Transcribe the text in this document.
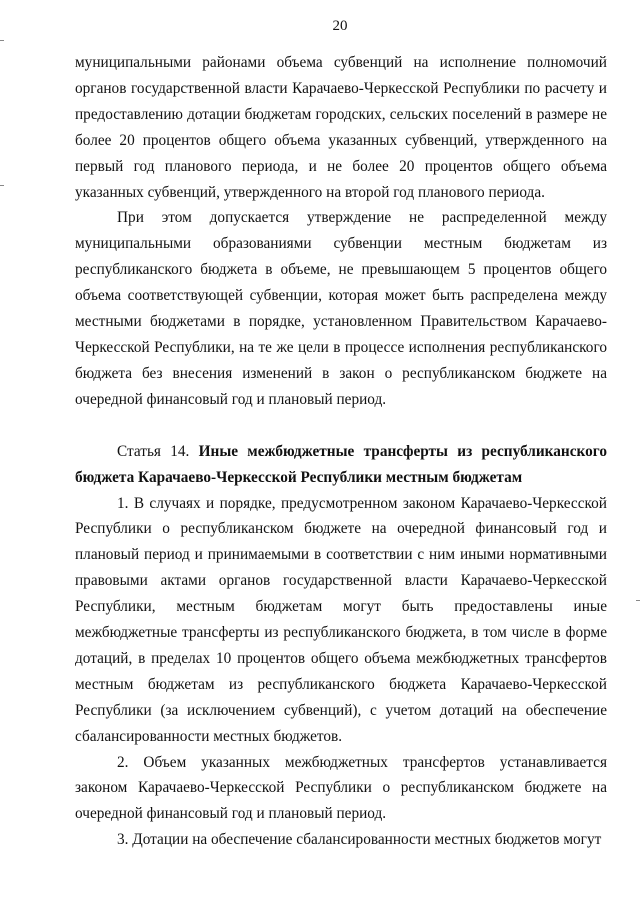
20

муниципальными районами объема субвенций на исполнение полномочий органов государственной власти Карачаево-Черкесской Республики по расчету и предоставлению дотации бюджетам городских, сельских поселений в размере не более 20 процентов общего объема указанных субвенций, утвержденного на первый год планового периода, и не более 20 процентов общего объема указанных субвенций, утвержденного на второй год планового периода.

При этом допускается утверждение не распределенной между муниципальными образованиями субвенции местным бюджетам из республиканского бюджета в объеме, не превышающем 5 процентов общего объема соответствующей субвенции, которая может быть распределена между местными бюджетами в порядке, установленном Правительством Карачаево-Черкесской Республики, на те же цели в процессе исполнения республиканского бюджета без внесения изменений в закон о республиканском бюджете на очередной финансовый год и плановый период.

Статья 14. Иные межбюджетные трансферты из республиканского бюджета Карачаево-Черкесской Республики местным бюджетам

1. В случаях и порядке, предусмотренном законом Карачаево-Черкесской Республики о республиканском бюджете на очередной финансовый год и плановый период и принимаемыми в соответствии с ним иными нормативными правовыми актами органов государственной власти Карачаево-Черкесской Республики, местным бюджетам могут быть предоставлены иные межбюджетные трансферты из республиканского бюджета, в том числе в форме дотаций, в пределах 10 процентов общего объема межбюджетных трансфертов местным бюджетам из республиканского бюджета Карачаево-Черкесской Республики (за исключением субвенций), с учетом дотаций на обеспечение сбалансированности местных бюджетов.

2. Объем указанных межбюджетных трансфертов устанавливается законом Карачаево-Черкесской Республики о республиканском бюджете на очередной финансовый год и плановый период.

3. Дотации на обеспечение сбалансированности местных бюджетов могут
